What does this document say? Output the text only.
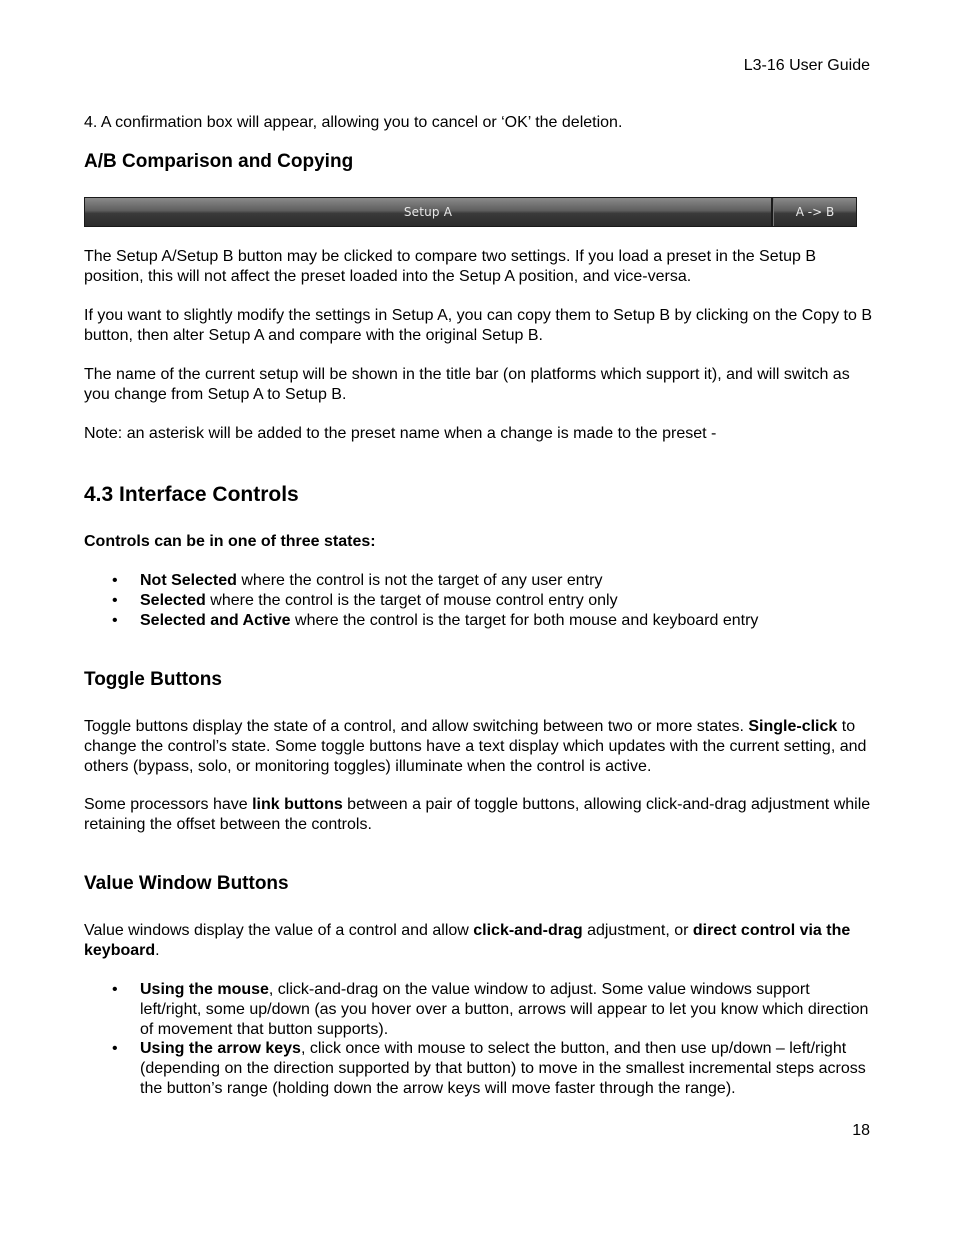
L3-16 User Guide
4. A confirmation box will appear, allowing you to cancel or ‘OK’ the deletion.
A/B Comparison and Copying
Setup A	A -> B
The Setup A/Setup B button may be clicked to compare two settings. If you load a preset in the Setup B position, this will not affect the preset loaded into the Setup A position, and vice-versa.
If you want to slightly modify the settings in Setup A, you can copy them to Setup B by clicking on the Copy to B button, then alter Setup A and compare with the original Setup B.
The name of the current setup will be shown in the title bar (on platforms which support it), and will switch as you change from Setup A to Setup B.
Note: an asterisk will be added to the preset name when a change is made to the preset -
4.3 Interface Controls
Controls can be in one of three states:
• Not Selected where the control is not the target of any user entry
• Selected where the control is the target of mouse control entry only
• Selected and Active where the control is the target for both mouse and keyboard entry
Toggle Buttons
Toggle buttons display the state of a control, and allow switching between two or more states. Single-click to change the control’s state. Some toggle buttons have a text display which updates with the current setting, and others (bypass, solo, or monitoring toggles) illuminate when the control is active.
Some processors have link buttons between a pair of toggle buttons, allowing click-and-drag adjustment while retaining the offset between the controls.
Value Window Buttons
Value windows display the value of a control and allow click-and-drag adjustment, or direct control via the keyboard.
• Using the mouse, click-and-drag on the value window to adjust. Some value windows support left/right, some up/down (as you hover over a button, arrows will appear to let you know which direction of movement that button supports).
• Using the arrow keys, click once with mouse to select the button, and then use up/down – left/right (depending on the direction supported by that button) to move in the smallest incremental steps across the button’s range (holding down the arrow keys will move faster through the range).
18
